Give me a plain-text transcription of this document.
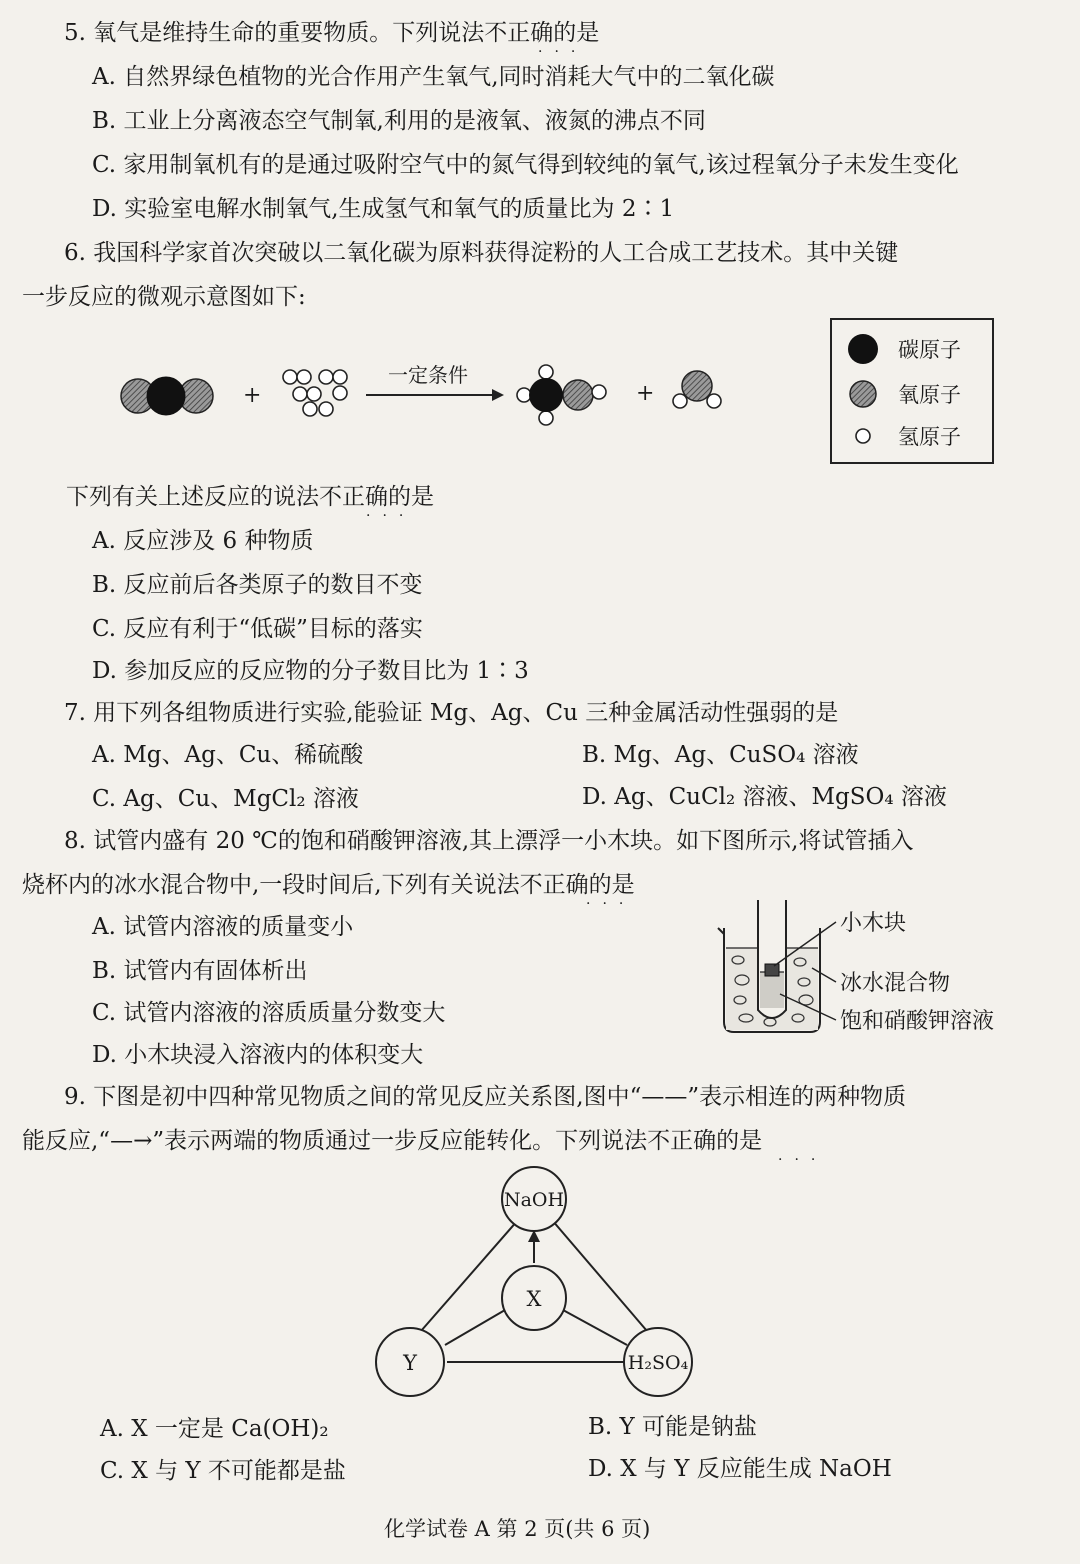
5. 氧气是维持生命的重要物质。下列说法不正确的是
···
A. 自然界绿色植物的光合作用产生氧气,同时消耗大气中的二氧化碳
B. 工业上分离液态空气制氧,利用的是液氧、液氮的沸点不同
C. 家用制氧机有的是通过吸附空气中的氮气得到较纯的氧气,该过程氧分子未发生变化
D. 实验室电解水制氧气,生成氢气和氧气的质量比为 2∶1
6. 我国科学家首次突破以二氧化碳为原料获得淀粉的人工合成工艺技术。其中关键
一步反应的微观示意图如下:
+
一定条件
+
碳原子
氧原子
氢原子
小木块
冰水混合物
饱和硝酸钾溶液
NaOH
X
Y	H₂SO₄
下列有关上述反应的说法不正确的是
···
A. 反应涉及 6 种物质
B. 反应前后各类原子的数目不变
C. 反应有利于“低碳”目标的落实
D. 参加反应的反应物的分子数目比为 1∶3
7. 用下列各组物质进行实验,能验证 Mg、Ag、Cu 三种金属活动性强弱的是
A. Mg、Ag、Cu、稀硫酸	B. Mg、Ag、CuSO₄ 溶液
C. Ag、Cu、MgCl₂ 溶液	D. Ag、CuCl₂ 溶液、MgSO₄ 溶液
8. 试管内盛有 20 ℃的饱和硝酸钾溶液,其上漂浮一小木块。如下图所示,将试管插入
烧杯内的冰水混合物中,一段时间后,下列有关说法不正确的是
···
A. 试管内溶液的质量变小
B. 试管内有固体析出
C. 试管内溶液的溶质质量分数变大
D. 小木块浸入溶液内的体积变大
9. 下图是初中四种常见物质之间的常见反应关系图,图中“——”表示相连的两种物质
能反应,“—→”表示两端的物质通过一步反应能转化。下列说法不正确的是
···
A. X 一定是 Ca(OH)₂	B. Y 可能是钠盐
C. X 与 Y 不可能都是盐	D. X 与 Y 反应能生成 NaOH
化学试卷 A 第 2 页(共 6 页)
